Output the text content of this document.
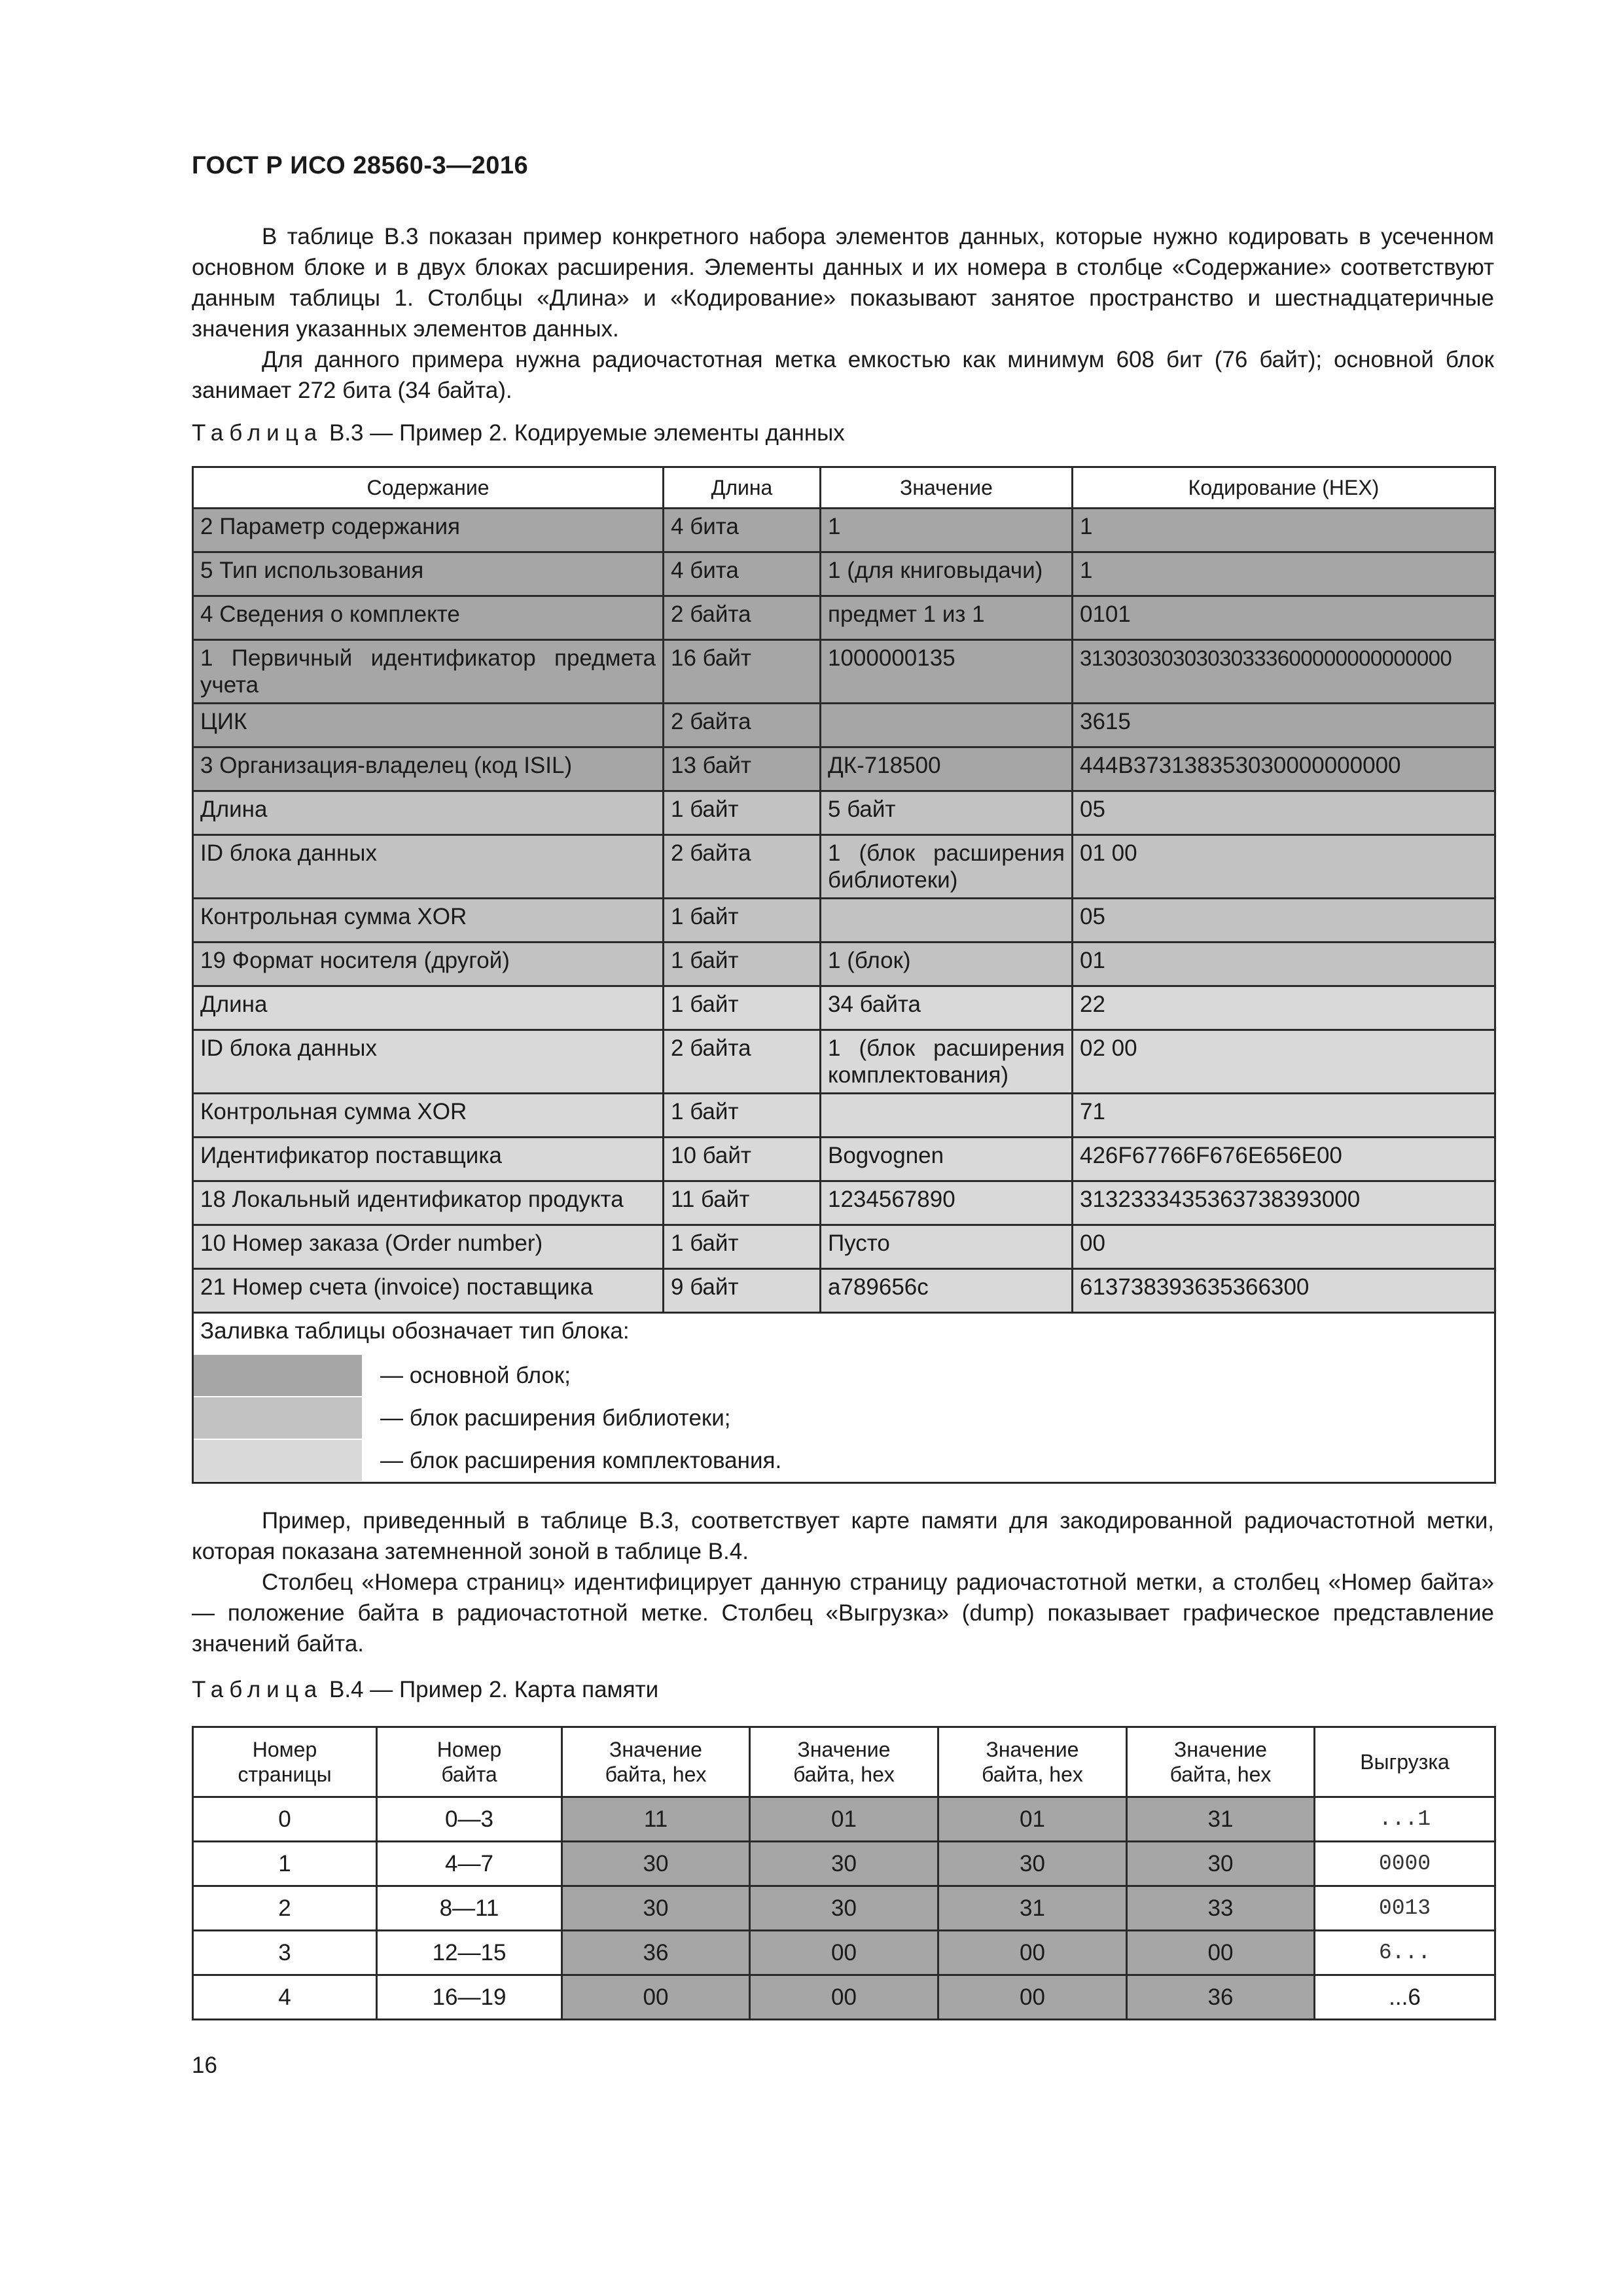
ГОСТ Р ИСО 28560-3—2016

В таблице В.3 показан пример конкретного набора элементов данных, которые нужно кодировать в усеченном основном блоке и в двух блоках расширения. Элементы данных и их номера в столбце «Содержание» соответствуют данным таблицы 1. Столбцы «Длина» и «Кодирование» показывают занятое пространство и шестнадцатеричные значения указанных элементов данных.

Для данного примера нужна радиочастотная метка емкостью как минимум 608 бит (76 байт); основной блок занимает 272 бита (34 байта).

Таблица В.3 — Пример 2. Кодируемые элементы данных
Содержание	Длина	Значение	Кодирование (HEX)
2 Параметр содержания	4 бита	1	1
5 Тип использования	4 бита	1 (для книговыдачи)	1
4 Сведения о комплекте	2 байта	предмет 1 из 1	0101
1 Первичный идентификатор предмета учета	16 байт	1000000135	31303030303030333600000000000000
ЦИК	2 байта		3615
3 Организация-владелец (код ISIL)	13 байт	ДК-718500	444B373138353030000000000
Длина	1 байт	5 байт	05
ID блока данных	2 байта	1 (блок расширения библиотеки)	01 00
Контрольная сумма XOR	1 байт		05
19 Формат носителя (другой)	1 байт	1 (блок)	01
Длина	1 байт	34 байта	22
ID блока данных	2 байта	1 (блок расширения комплектования)	02 00
Контрольная сумма XOR	1 байт		71
Идентификатор поставщика	10 байт	Bogvognen	426F67766F676E656E00
18 Локальный идентификатор продукта	11 байт	1234567890	3132333435363738393000
10 Номер заказа (Order number)	1 байт	Пусто	00
21 Номер счета (invoice) поставщика	9 байт	a789656c	613738393635366300
Заливка таблицы обозначает тип блока:			

— основной блок;			

— блок расширения библиотеки;			

— блок расширения комплектования.			

Пример, приведенный в таблице В.3, соответствует карте памяти для закодированной радиочастотной метки, которая показана затемненной зоной в таблице В.4.

Столбец «Номера страниц» идентифицирует данную страницу радиочастотной метки, а столбец «Номер байта» — положение байта в радиочастотной метке. Столбец «Выгрузка» (dump) показывает графическое представление значений байта.

Таблица В.4 — Пример 2. Карта памяти
Номер страницы	Номер байта	Значение байта, hex	Значение байта, hex	Значение байта, hex	Значение байта, hex	Выгрузка
0	0—3	11	01	01	31	...1
1	4—7	30	30	30	30	0000
2	8—11	30	30	31	33	0013
3	12—15	36	00	00	00	6...
4	16—19	00	00	00	36	...6
16
